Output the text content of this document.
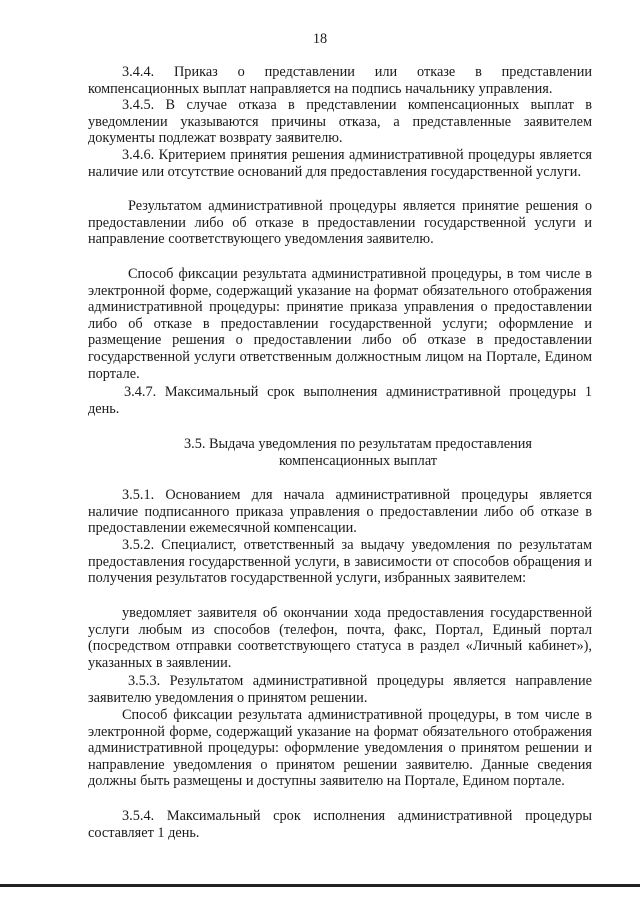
18
3.4.4. Приказ о представлении или отказе в представлении компенсационных выплат направляется на подпись начальнику управления.
3.4.5. В случае отказа в представлении компенсационных выплат в уведомлении указываются причины отказа, а представленные заявителем документы подлежат возврату заявителю.
3.4.6. Критерием принятия решения административной процедуры является наличие или отсутствие оснований для предоставления государственной услуги.
Результатом административной процедуры является принятие решения о предоставлении либо об отказе в предоставлении государственной услуги и направление соответствующего уведомления заявителю.
Способ фиксации результата административной процедуры, в том числе в электронной форме, содержащий указание на формат обязательного отображения административной процедуры: принятие приказа управления о предоставлении либо об отказе в предоставлении государственной услуги; оформление и размещение решения о предоставлении либо об отказе в предоставлении государственной услуги ответственным должностным лицом на Портале, Едином портале.
3.4.7. Максимальный срок выполнения административной процедуры 1 день.
3.5. Выдача уведомления по результатам предоставления
компенсационных выплат
3.5.1. Основанием для начала административной процедуры является наличие подписанного приказа управления о предоставлении либо об отказе в предоставлении ежемесячной компенсации.
3.5.2. Специалист, ответственный за выдачу уведомления по результатам предоставления государственной услуги, в зависимости от способов обращения и получения результатов государственной услуги, избранных заявителем:
уведомляет заявителя об окончании хода предоставления государственной услуги любым из способов (телефон, почта, факс, Портал, Единый портал (посредством отправки соответствующего статуса в раздел «Личный кабинет»), указанных в заявлении.
3.5.3. Результатом административной процедуры является направление заявителю уведомления о принятом решении.
Способ фиксации результата административной процедуры, в том числе в электронной форме, содержащий указание на формат обязательного отображения административной процедуры: оформление уведомления о принятом решении и направление уведомления о принятом решении заявителю. Данные сведения должны быть размещены и доступны заявителю на Портале, Едином портале.
3.5.4. Максимальный срок исполнения административной процедуры составляет 1 день.
